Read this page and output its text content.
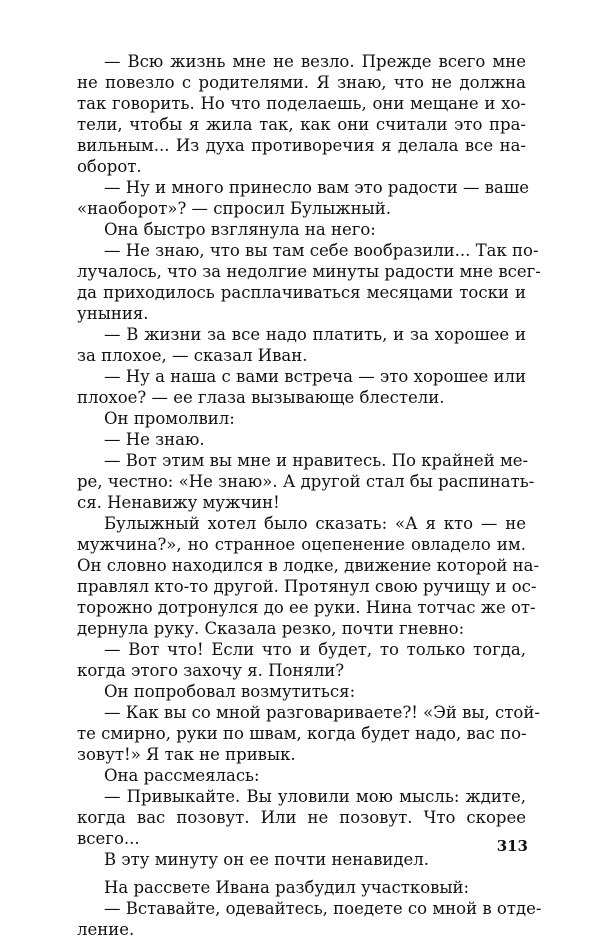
— Всю жизнь мне не везло. Прежде всего мне
не повезло с родителями. Я знаю, что не должна
так говорить. Но что поделаешь, они мещане и хо-
тели, чтобы я жила так, как они считали это пра-
вильным... Из духа противоречия я делала все на-
оборот.
— Ну и много принесло вам это радости — ваше
«наоборот»? — спросил Булыжный.
Она быстро взглянула на него:
— Не знаю, что вы там себе вообразили... Так по-
лучалось, что за недолгие минуты радости мне всег-
да приходилось расплачиваться месяцами тоски и
уныния.
— В жизни за все надо платить, и за хорошее и
за плохое, — сказал Иван.
— Ну а наша с вами встреча — это хорошее или
плохое? — ее глаза вызывающе блестели.
Он промолвил:
— Не знаю.
— Вот этим вы мне и нравитесь. По крайней ме-
ре, честно: «Не знаю». А другой стал бы распинать-
ся. Ненавижу мужчин!
Булыжный хотел было сказать: «А я кто — не
мужчина?», но странное оцепенение овладело им.
Он словно находился в лодке, движение которой на-
правлял кто-то другой. Протянул свою ручищу и ос-
торожно дотронулся до ее руки. Нина тотчас же от-
дернула руку. Сказала резко, почти гневно:
— Вот что! Если что и будет, то только тогда,
когда этого захочу я. Поняли?
Он попробовал возмутиться:
— Как вы со мной разговариваете?! «Эй вы, стой-
те смирно, руки по швам, когда будет надо, вас по-
зовут!» Я так не привык.
Она рассмеялась:
— Привыкайте. Вы уловили мою мысль: ждите,
когда вас позовут. Или не позовут. Что скорее
всего...
В эту минуту он ее почти ненавидел.
На рассвете Ивана разбудил участковый:
— Вставайте, одевайтесь, поедете со мной в отде-
ление.
313
